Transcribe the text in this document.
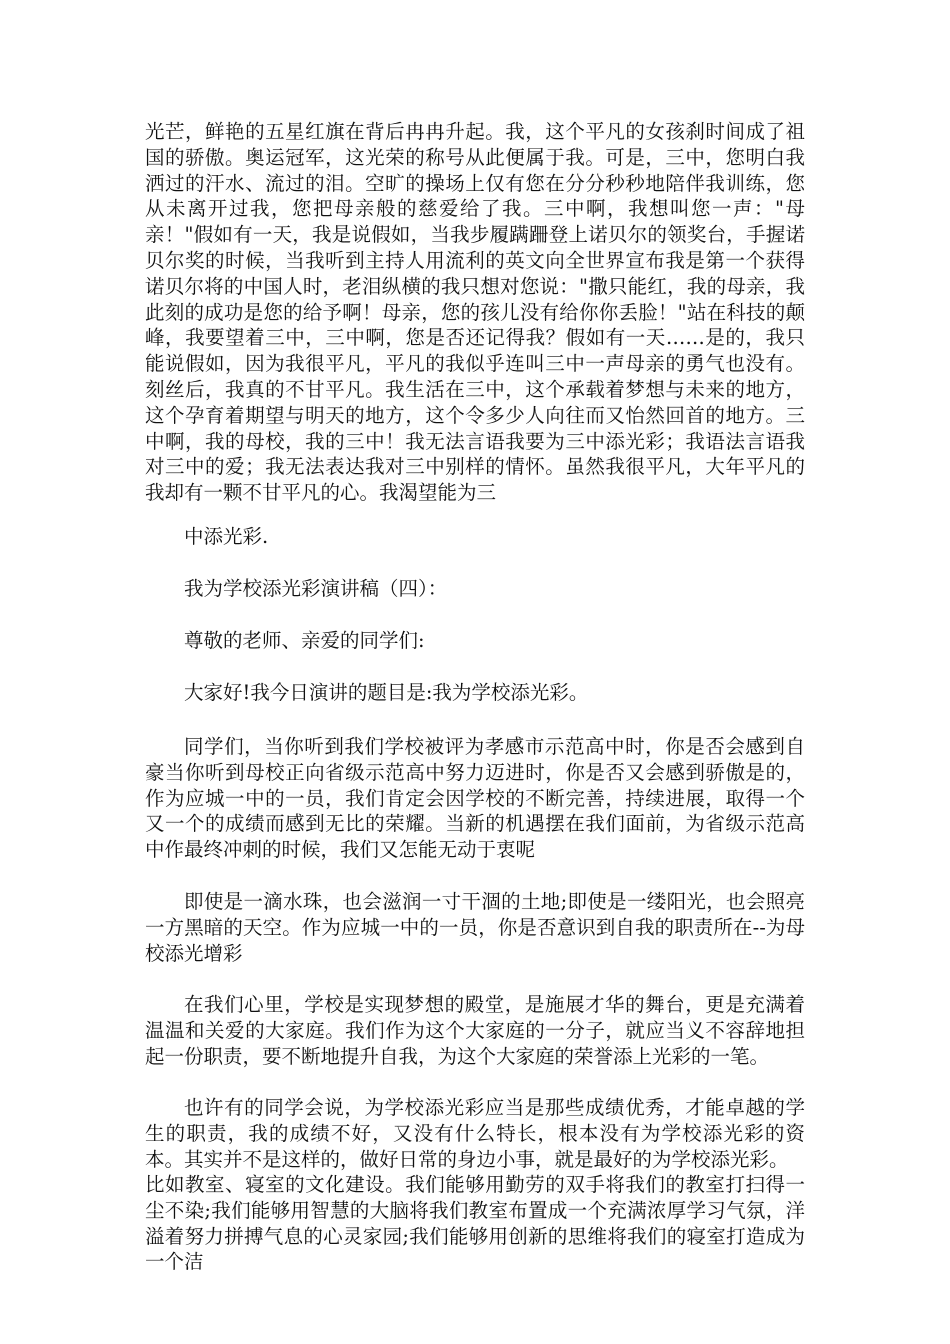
光芒，鲜艳的五星红旗在背后冉冉升起。我，这个平凡的女孩刹时间成了祖国的骄傲。奥运冠军，这光荣的称号从此便属于我。可是，三中，您明白我洒过的汗水、流过的泪。空旷的操场上仅有您在分分秒秒地陪伴我训练，您从未离开过我，您把母亲般的慈爱给了我。三中啊，我想叫您一声："母亲！"假如有一天，我是说假如，当我步履蹒跚登上诺贝尔的领奖台，手握诺贝尔奖的时候，当我听到主持人用流利的英文向全世界宣布我是第一个获得诺贝尔将的中国人时，老泪纵横的我只想对您说："撒只能红，我的母亲，我此刻的成功是您的给予啊！母亲，您的孩儿没有给你你丢脸！"站在科技的颠峰，我要望着三中，三中啊，您是否还记得我？假如有一天……是的，我只能说假如，因为我很平凡，平凡的我似乎连叫三中一声母亲的勇气也没有。刻丝后，我真的不甘平凡。我生活在三中，这个承载着梦想与未来的地方，这个孕育着期望与明天的地方，这个令多少人向往而又怡然回首的地方。三中啊，我的母校，我的三中！我无法言语我要为三中添光彩；我语法言语我对三中的爱；我无法表达我对三中别样的情怀。虽然我很平凡，大年平凡的我却有一颗不甘平凡的心。我渴望能为三

中添光彩.

我为学校添光彩演讲稿（四）：

尊敬的老师、亲爱的同学们:

大家好!我今日演讲的题目是:我为学校添光彩。

同学们，当你听到我们学校被评为孝感市示范高中时，你是否会感到自豪当你听到母校正向省级示范高中努力迈进时，你是否又会感到骄傲是的，作为应城一中的一员，我们肯定会因学校的不断完善，持续进展，取得一个又一个的成绩而感到无比的荣耀。当新的机遇摆在我们面前，为省级示范高中作最终冲刺的时候，我们又怎能无动于衷呢

即使是一滴水珠，也会滋润一寸干涸的土地;即使是一缕阳光，也会照亮一方黑暗的天空。作为应城一中的一员，你是否意识到自我的职责所在--为母校添光增彩

在我们心里，学校是实现梦想的殿堂，是施展才华的舞台，更是充满着温温和关爱的大家庭。我们作为这个大家庭的一分子，就应当义不容辞地担起一份职责，要不断地提升自我，为这个大家庭的荣誉添上光彩的一笔。

也许有的同学会说，为学校添光彩应当是那些成绩优秀，才能卓越的学生的职责，我的成绩不好，又没有什么特长，根本没有为学校添光彩的资本。其实并不是这样的，做好日常的身边小事，就是最好的为学校添光彩。

比如教室、寝室的文化建设。我们能够用勤劳的双手将我们的教室打扫得一尘不染;我们能够用智慧的大脑将我们教室布置成一个充满浓厚学习气氛，洋溢着努力拼搏气息的心灵家园;我们能够用创新的思维将我们的寝室打造成为一个洁
